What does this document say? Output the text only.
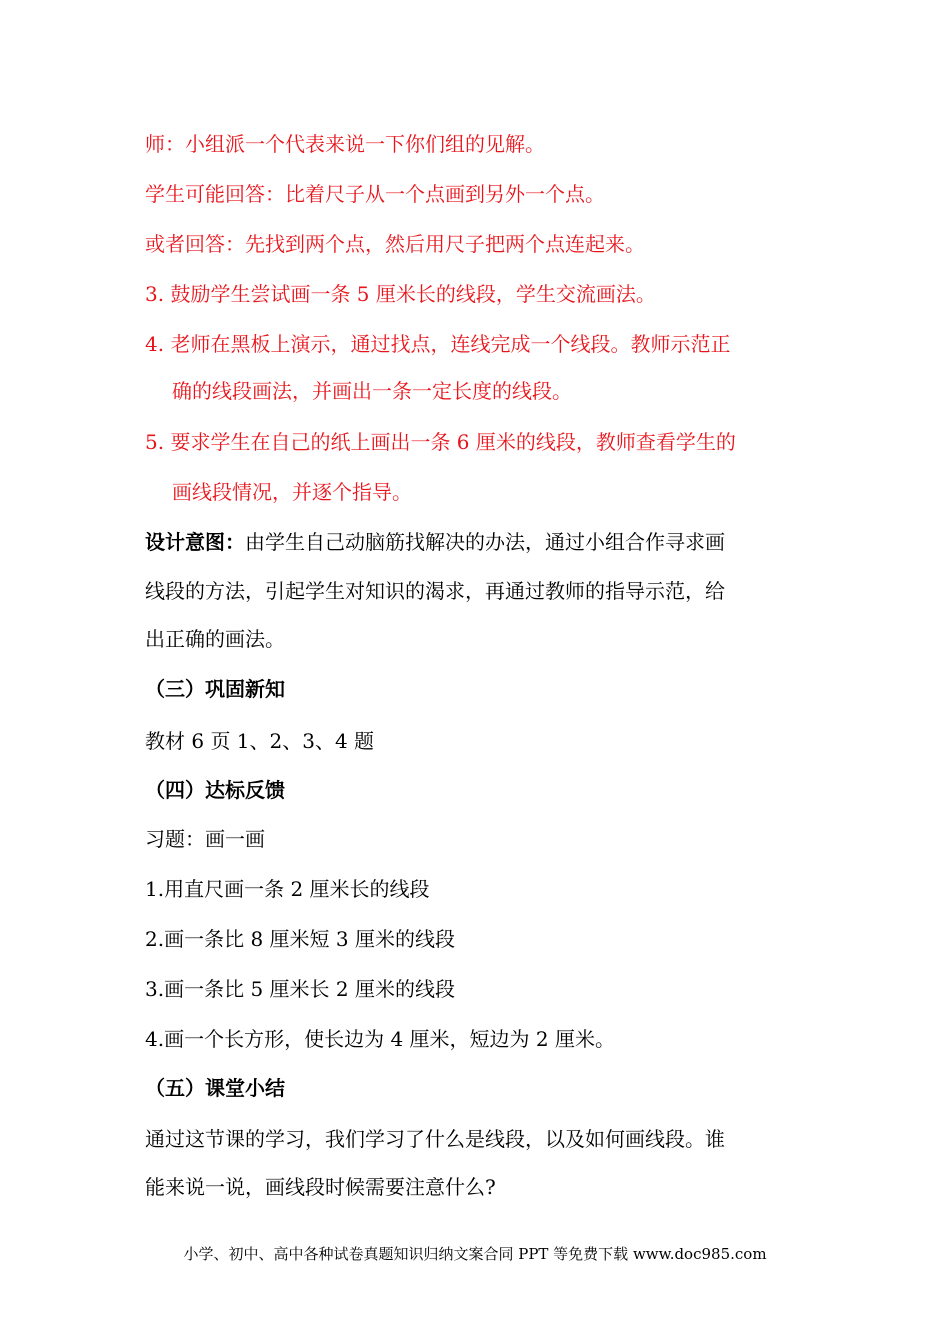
师：小组派一个代表来说一下你们组的见解。
学生可能回答：比着尺子从一个点画到另外一个点。
或者回答：先找到两个点，然后用尺子把两个点连起来。
3. 鼓励学生尝试画一条 5 厘米长的线段，学生交流画法。
4. 老师在黑板上演示，通过找点，连线完成一个线段。教师示范正
确的线段画法，并画出一条一定长度的线段。
5. 要求学生在自己的纸上画出一条 6 厘米的线段，教师查看学生的
画线段情况，并逐个指导。
设计意图：由学生自己动脑筋找解决的办法，通过小组合作寻求画
线段的方法，引起学生对知识的渴求，再通过教师的指导示范，给
出正确的画法。
（三）巩固新知
教材 6 页 1、2、3、4 题
（四）达标反馈
习题：画一画
1.用直尺画一条 2 厘米长的线段
2.画一条比 8 厘米短 3 厘米的线段
3.画一条比 5 厘米长 2 厘米的线段
4.画一个长方形，使长边为 4 厘米，短边为 2 厘米。
（五）课堂小结
通过这节课的学习，我们学习了什么是线段，以及如何画线段。谁
能来说一说，画线段时候需要注意什么?
小学、初中、高中各种试卷真题知识归纳文案合同 PPT 等免费下载 www.doc985.com
